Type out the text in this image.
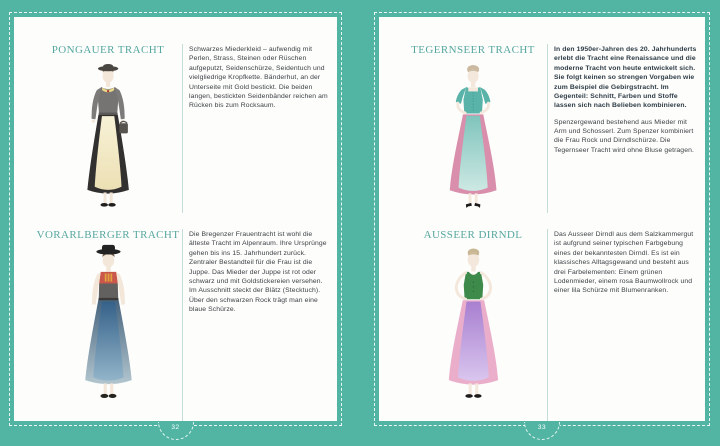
PONGAUER TRACHT	Schwarzes Miederkleid – aufwendig mit Perlen, Strass, Steinen oder Rüschen aufgeputzt, Seidenschürze, Seidentuch und vielgliedrige Kropfkette. Bänderhut, an der Unterseite mit Gold bestickt. Die beiden langen, bestickten Seidenbänder reichen am Rücken bis zum Rocksaum.

VORARLBERGER TRACHT Die Bregenzer Frauentracht ist wohl die älteste Tracht im Alpenraum. Ihre Ursprünge gehen bis ins 15. Jahrhundert zurück. Zentraler Bestandteil für die Frau ist die Juppe. Das Mieder der Juppe ist rot oder schwarz und mit Goldstickereien versehen. Im Ausschnitt steckt der Blätz (Stecktuch). Über den schwarzen Rock trägt man eine blaue Schürze.

32
TEGERNSEER TRACHT	In den 1950er-Jahren des 20. Jahrhunderts erlebt die Tracht eine Renaissance und die moderne Tracht von heute entwickelt sich. Sie folgt keinen so strengen Vorgaben wie zum Beispiel die Gebirgstracht. Im Gegenteil: Schnitt, Farben und Stoffe lassen sich nach Belieben kombinieren.

Spenzergewand bestehend aus Mieder mit Arm und Schosserl. Zum Spenzer kombiniert die Frau Rock und Dirndlschürze. Die Tegernseer Tracht wird ohne Bluse getragen.

AUSSEER DIRNDL	Das Ausseer Dirndl aus dem Salzkammergut ist aufgrund seiner typischen Farbgebung eines der bekanntesten Dirndl. Es ist ein klassisches Alltagsgewand und besteht aus drei Farbelementen: Einem grünen Lodenmieder, einem rosa Baumwollrock und einer lila Schürze mit Blumenranken.

33
